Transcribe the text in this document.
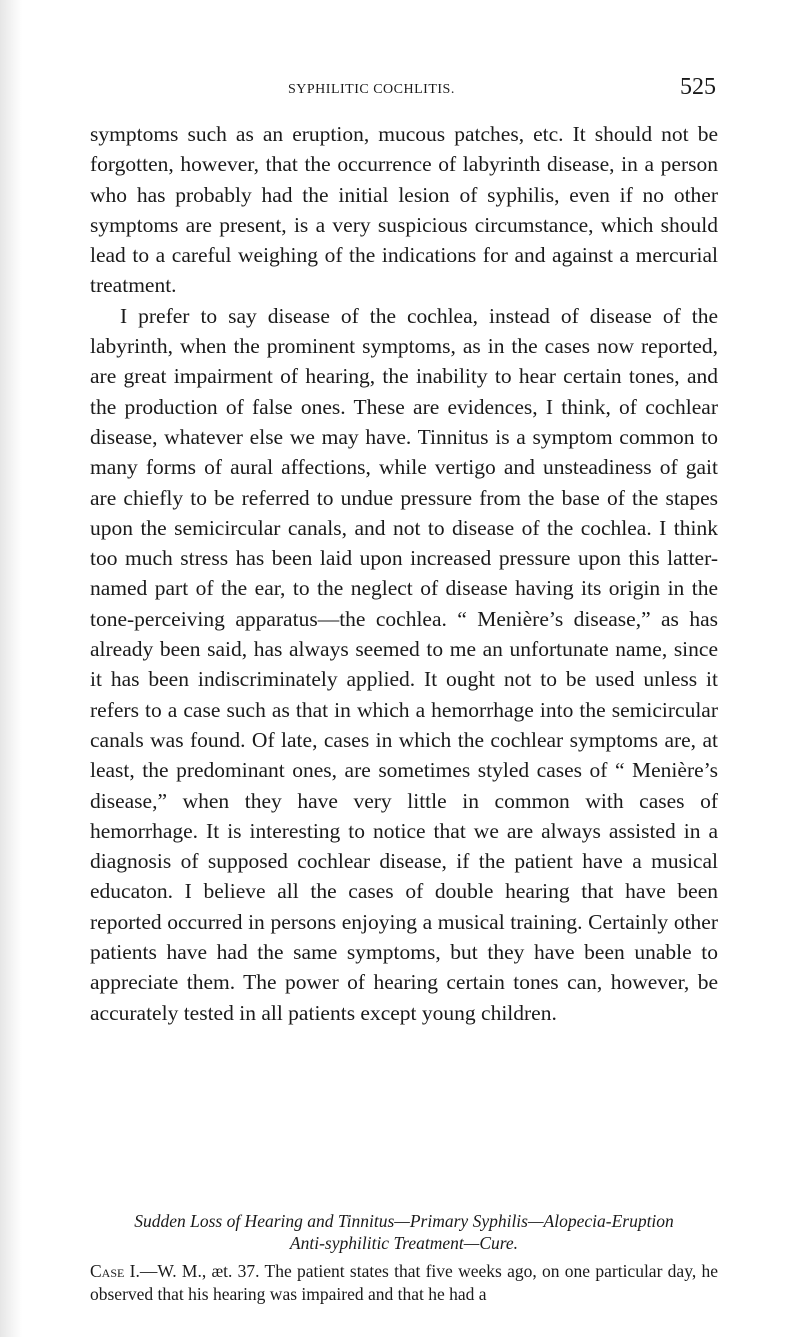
SYPHILITIC COCHLITIS.	525

symptoms such as an eruption, mucous patches, etc. It should not be forgotten, however, that the occurrence of labyrinth disease, in a person who has probably had the initial lesion of syphilis, even if no other symptoms are present, is a very suspicious circumstance, which should lead to a careful weighing of the indications for and against a mercurial treatment.

I prefer to say disease of the cochlea, instead of disease of the labyrinth, when the prominent symptoms, as in the cases now reported, are great impairment of hearing, the inability to hear certain tones, and the production of false ones. These are evidences, I think, of cochlear disease, whatever else we may have. Tinnitus is a symptom common to many forms of aural affections, while vertigo and unsteadiness of gait are chiefly to be referred to undue pressure from the base of the stapes upon the semicircular canals, and not to disease of the cochlea. I think too much stress has been laid upon increased pressure upon this latter-named part of the ear, to the neglect of disease having its origin in the tone-perceiving apparatus—the cochlea. “ Menière’s disease,” as has already been said, has always seemed to me an unfortunate name, since it has been indiscriminately applied. It ought not to be used unless it refers to a case such as that in which a hemorrhage into the semicircular canals was found. Of late, cases in which the cochlear symptoms are, at least, the predominant ones, are sometimes styled cases of “ Menière’s disease,” when they have very little in common with cases of hemorrhage. It is interesting to notice that we are always assisted in a diagnosis of supposed cochlear disease, if the patient have a musical educaton. I believe all the cases of double hearing that have been reported occurred in persons enjoying a musical training. Certainly other patients have had the same symptoms, but they have been unable to appreciate them. The power of hearing certain tones can, however, be accurately tested in all patients except young children.

Sudden Loss of Hearing and Tinnitus—Primary Syphilis—Alopecia-Eruption
Anti-syphilitic Treatment—Cure.
Case I.—W. M., æt. 37. The patient states that five weeks ago, on one particular day, he observed that his hearing was impaired and that he had a
